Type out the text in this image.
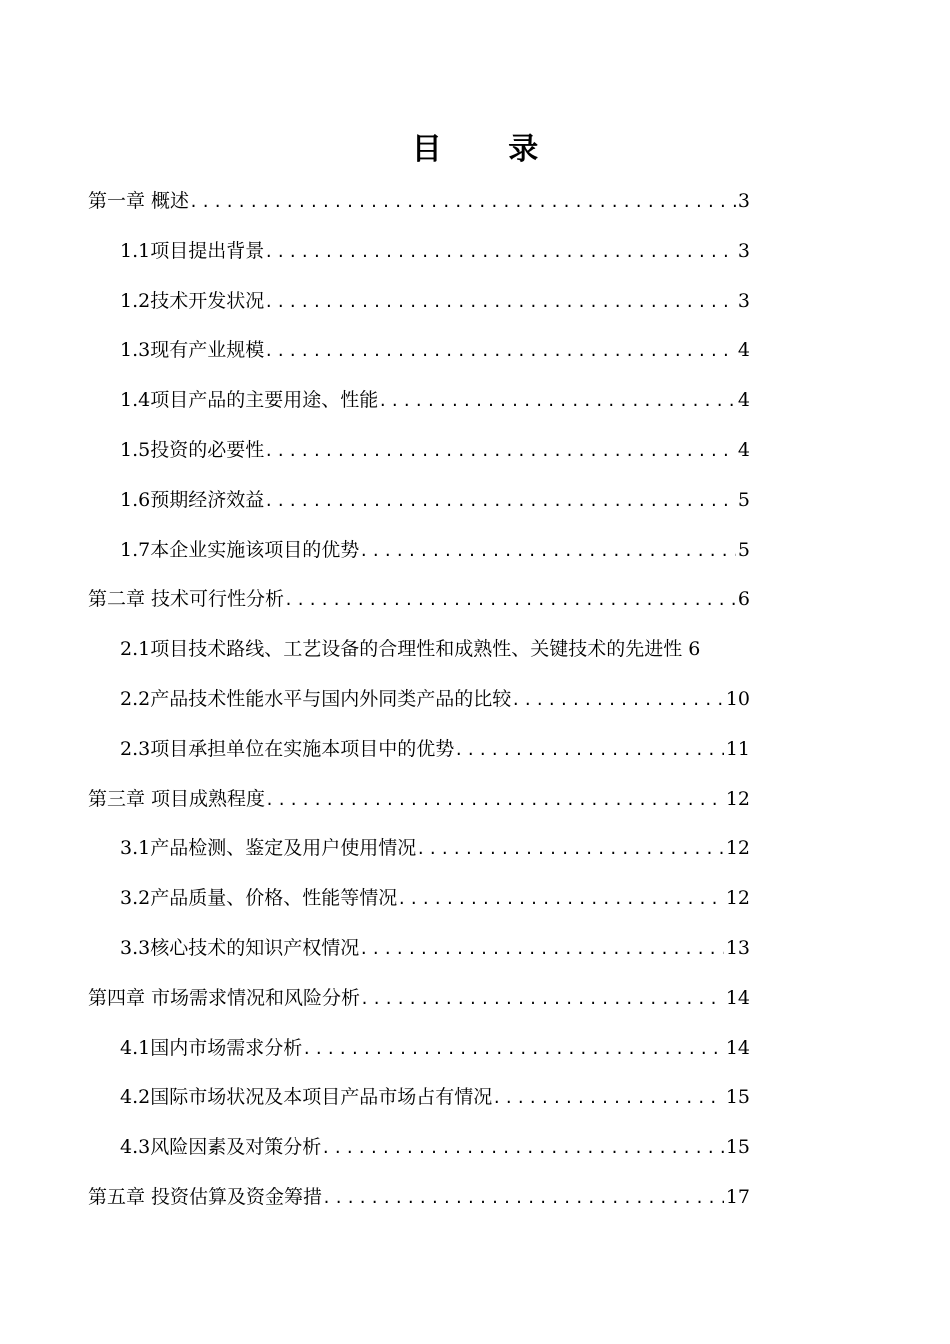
目 录
第一章 概述 .....	3
1.1项目提出背景 .....	3
1.2技术开发状况 .....	3
1.3现有产业规模 .....	4
1.4项目产品的主要用途、性能 .....	4
1.5投资的必要性 .....	4
1.6预期经济效益 .....	5
1.7本企业实施该项目的优势 .....	5
第二章 技术可行性分析 .....	6
2.1项目技术路线、工艺设备的合理性和成熟性、关键技术的先进性 6
2.2产品技术性能水平与国内外同类产品的比较 .....	10
2.3项目承担单位在实施本项目中的优势 .....	11
第三章 项目成熟程度 .....	12
3.1产品检测、鉴定及用户使用情况 .....	12
3.2产品质量、价格、性能等情况 .....	12
3.3核心技术的知识产权情况 .....	13
第四章 市场需求情况和风险分析 .....	14
4.1国内市场需求分析 .....	14
4.2国际市场状况及本项目产品市场占有情况 .....	15
4.3风险因素及对策分析 .....	15
第五章 投资估算及资金筹措 .....	17
